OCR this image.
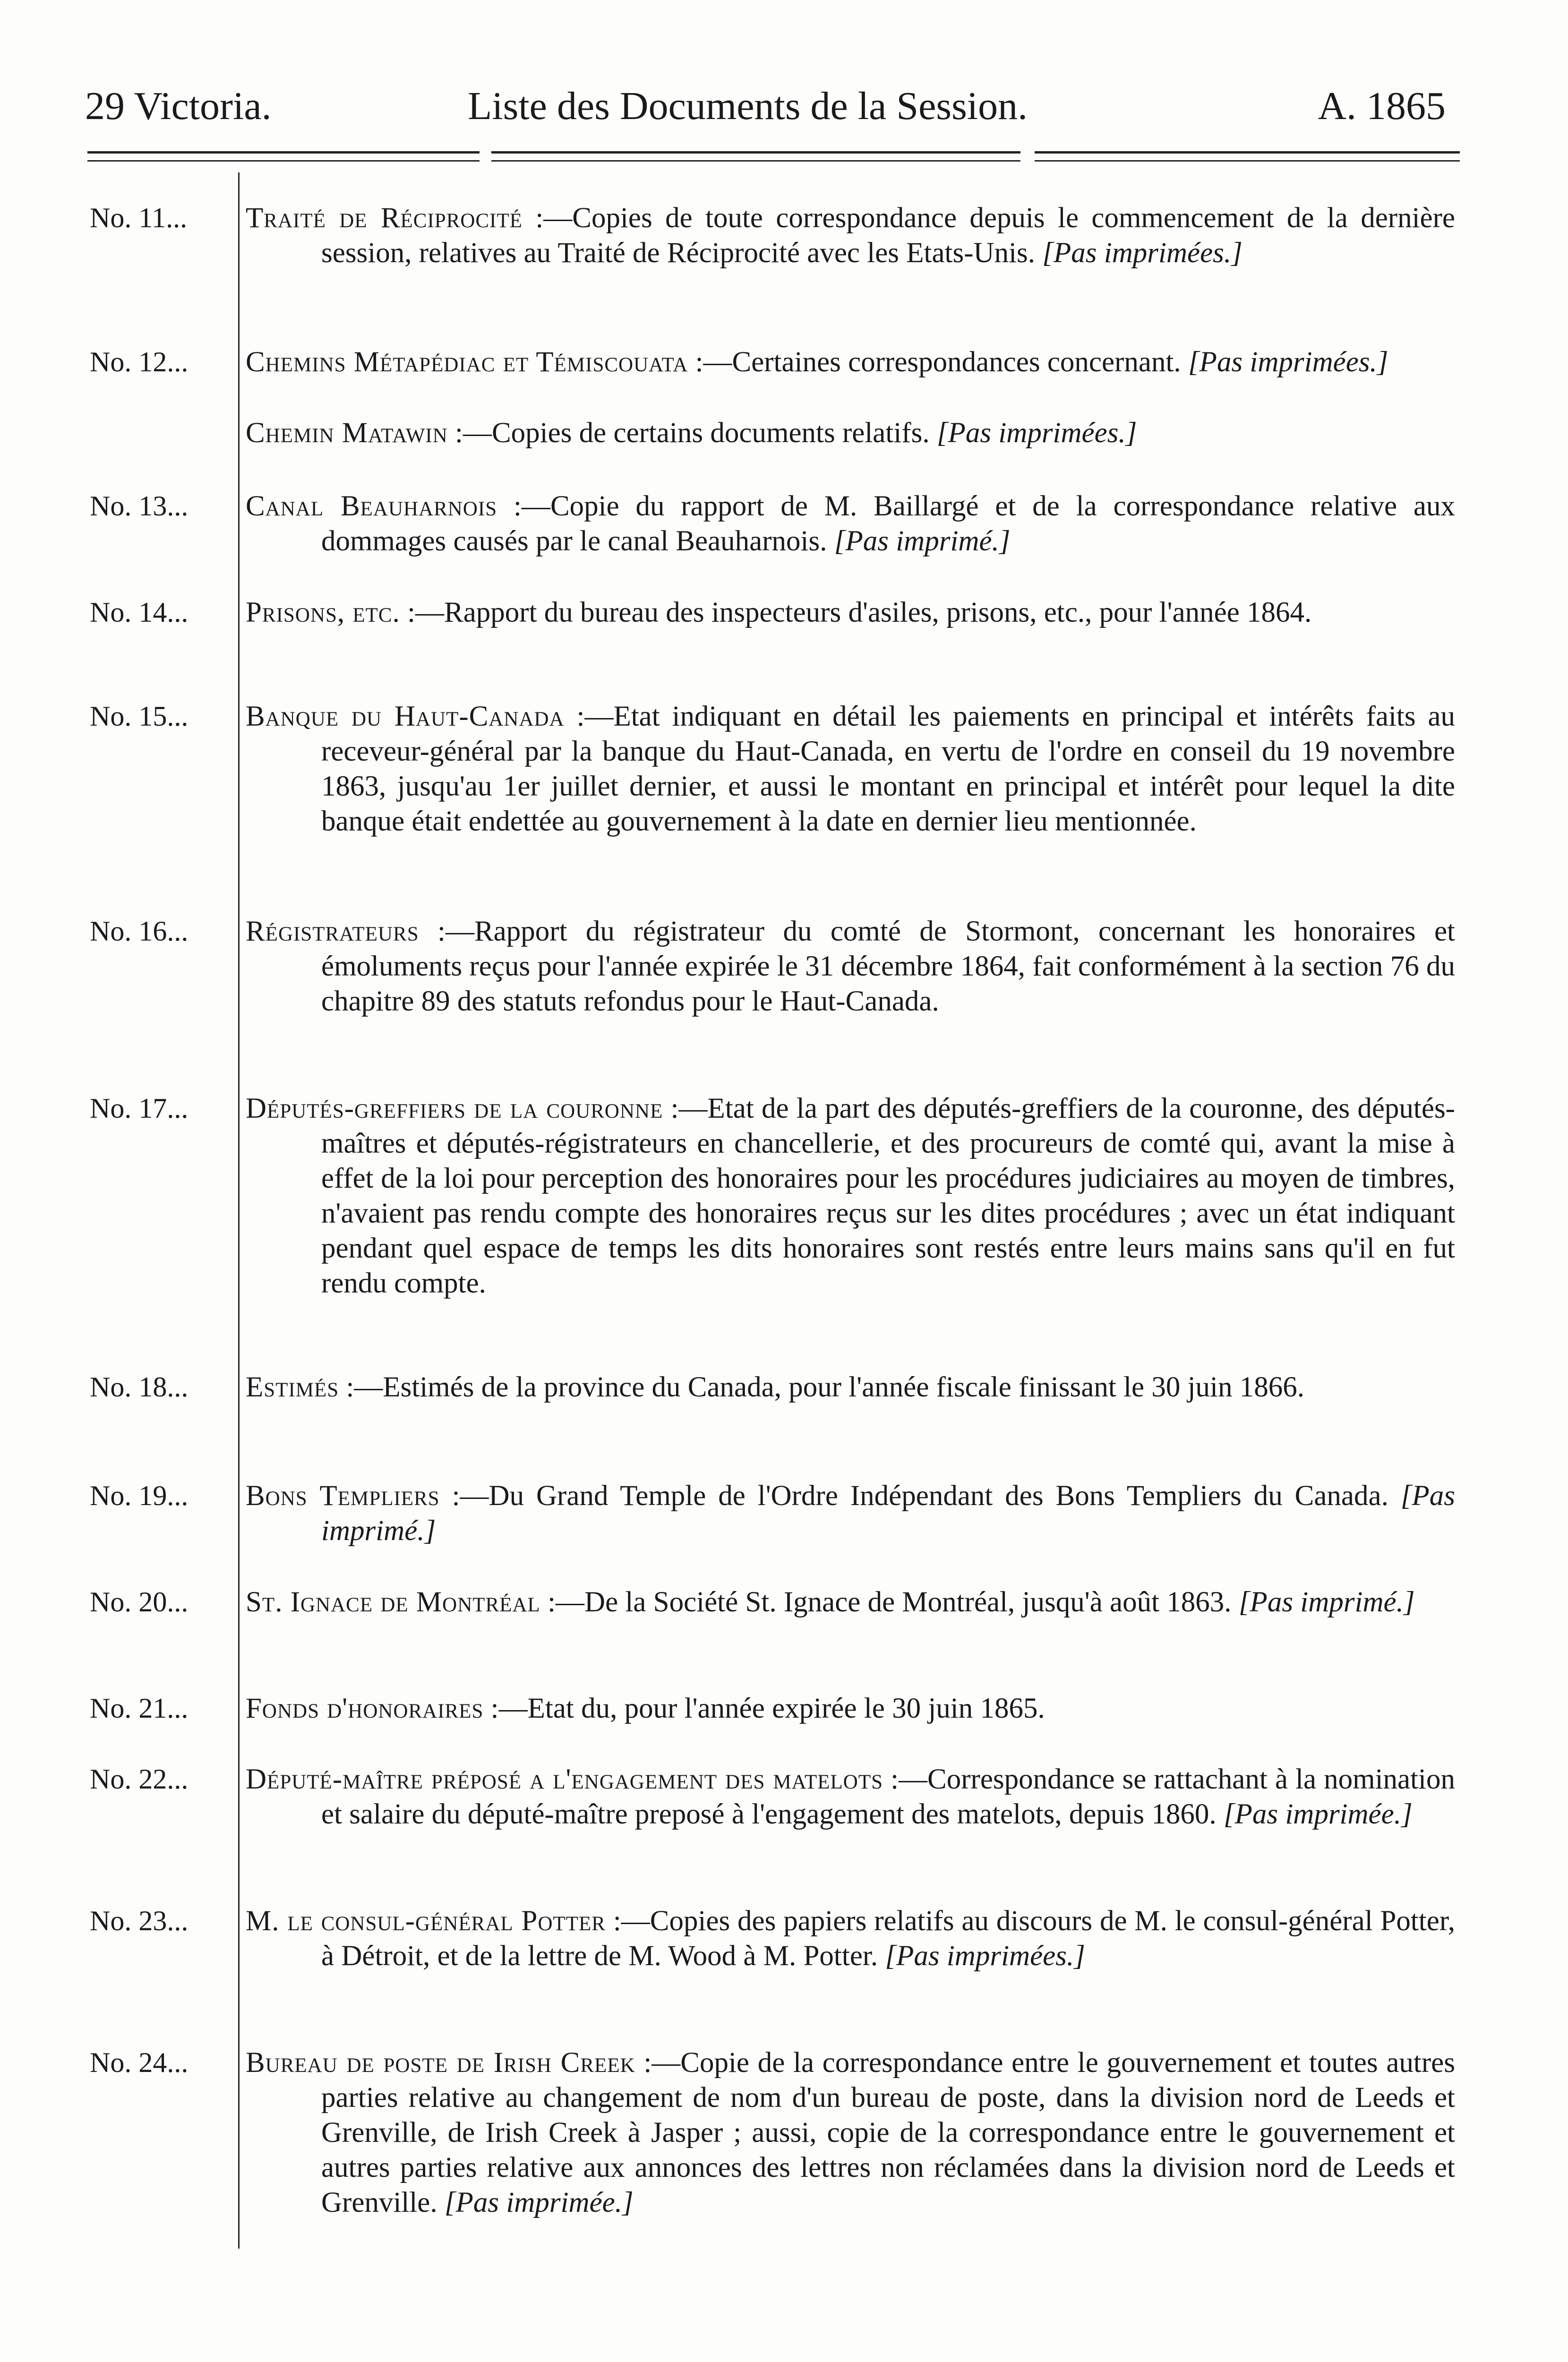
29 Victoria.	Liste des Documents de la Session.	A. 1865
No. 11...	Traité de Réciprocité :—Copies de toute correspondance depuis le commencement de la dernière session, relatives au Traité de Réciprocité avec les Etats-Unis. [Pas imprimées.]
No. 12...	Chemins Métapédiac et Témiscouata :—Certaines correspondances concernant. [Pas imprimées.]
Chemin Matawin :—Copies de certains documents relatifs. [Pas imprimées.]
No. 13...	Canal Beauharnois :—Copie du rapport de M. Baillargé et de la correspondance relative aux dommages causés par le canal Beauharnois. [Pas imprimé.]
No. 14...	Prisons, etc. :—Rapport du bureau des inspecteurs d'asiles, prisons, etc., pour l'année 1864.
No. 15...	Banque du Haut-Canada :—Etat indiquant en détail les paiements en principal et intérêts faits au receveur-général par la banque du Haut-Canada, en vertu de l'ordre en conseil du 19 novembre 1863, jusqu'au 1er juillet dernier, et aussi le montant en principal et intérêt pour lequel la dite banque était endettée au gouvernement à la date en dernier lieu mentionnée.
No. 16...	Régistrateurs :—Rapport du régistrateur du comté de Stormont, concernant les honoraires et émoluments reçus pour l'année expirée le 31 décembre 1864, fait conformément à la section 76 du chapitre 89 des statuts refondus pour le Haut-Canada.
No. 17...	Députés-greffiers de la couronne :—Etat de la part des députés-greffiers de la couronne, des députés-maîtres et députés-régistrateurs en chancellerie, et des procureurs de comté qui, avant la mise à effet de la loi pour perception des honoraires pour les procédures judiciaires au moyen de timbres, n'avaient pas rendu compte des honoraires reçus sur les dites procédures ; avec un état indiquant pendant quel espace de temps les dits honoraires sont restés entre leurs mains sans qu'il en fut rendu compte.
No. 18...	Estimés :—Estimés de la province du Canada, pour l'année fiscale finissant le 30 juin 1866.
No. 19...	Bons Templiers :—Du Grand Temple de l'Ordre Indépendant des Bons Templiers du Canada. [Pas imprimé.]
No. 20...	St. Ignace de Montréal :—De la Société St. Ignace de Montréal, jusqu'à août 1863. [Pas imprimé.]
No. 21...	Fonds d'honoraires :—Etat du, pour l'année expirée le 30 juin 1865.
No. 22...	Député-maître préposé a l'engagement des matelots :—Correspondance se rattachant à la nomination et salaire du député-maître preposé à l'engagement des matelots, depuis 1860. [Pas imprimée.]
No. 23...	M. le consul-général Potter :—Copies des papiers relatifs au discours de M. le consul-général Potter, à Détroit, et de la lettre de M. Wood à M. Potter. [Pas imprimées.]
No. 24...	Bureau de poste de Irish Creek :—Copie de la correspondance entre le gouvernement et toutes autres parties relative au changement de nom d'un bureau de poste, dans la division nord de Leeds et Grenville, de Irish Creek à Jasper ; aussi, copie de la correspondance entre le gouvernement et autres parties relative aux annonces des lettres non réclamées dans la division nord de Leeds et Grenville. [Pas imprimée.]
